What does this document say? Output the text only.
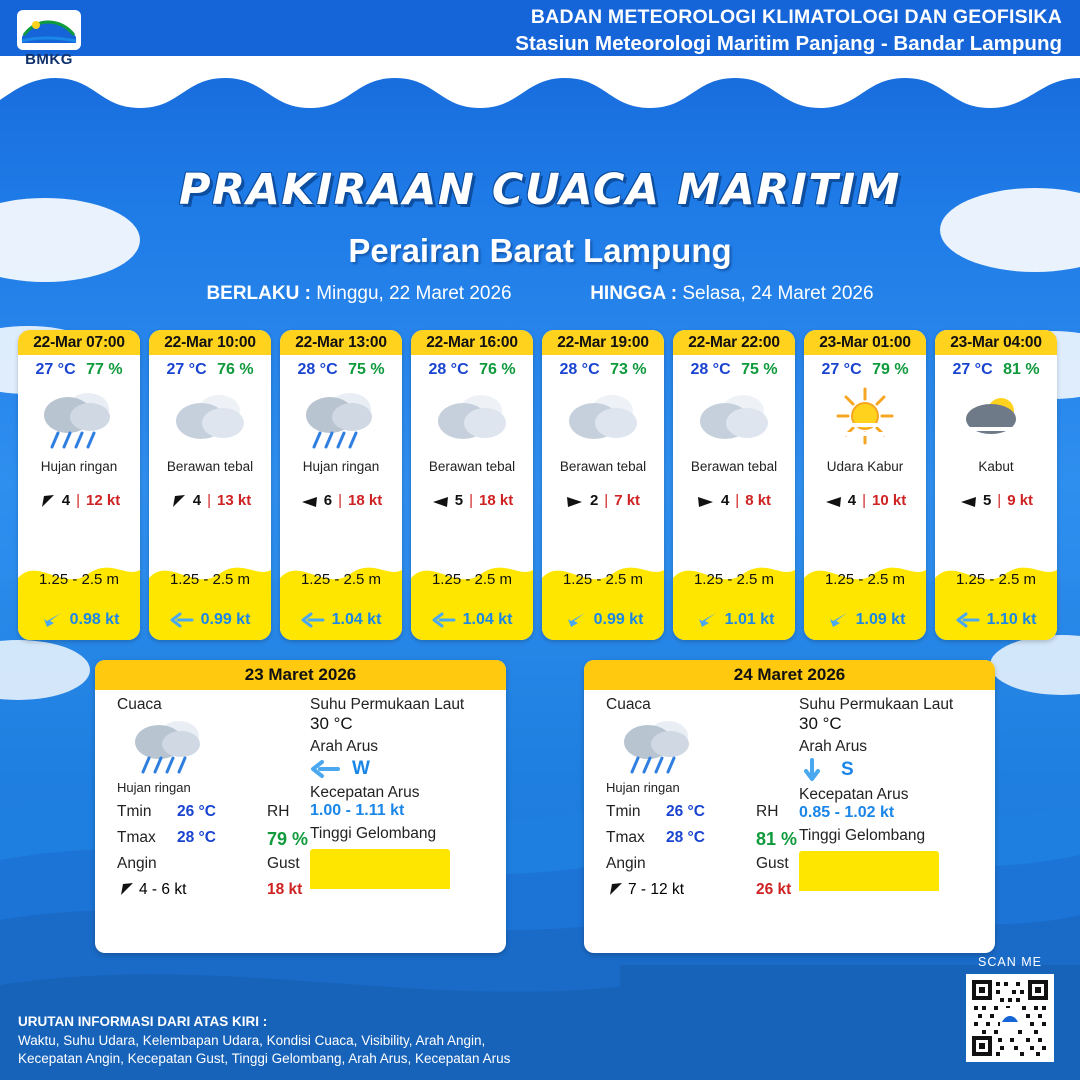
BMKG
BADAN METEOROLOGI KLIMATOLOGI DAN GEOFISIKA
Stasiun Meteorologi Maritim Panjang - Bandar Lampung
PRAKIRAAN CUACA MARITIM
Perairan Barat Lampung
BERLAKU : Minggu, 22 Maret 2026	HINGGA : Selasa, 24 Maret 2026
22-Mar 07:00
27 °C 77 %
Hujan ringan
4 | 12 kt
1.25 - 2.5 m
0.98 kt
22-Mar 10:00
27 °C 76 %
Berawan tebal
4 | 13 kt
1.25 - 2.5 m
0.99 kt
22-Mar 13:00
28 °C 75 %
Hujan ringan
6 | 18 kt
1.25 - 2.5 m
1.04 kt
22-Mar 16:00
28 °C 76 %
Berawan tebal
5 | 18 kt
1.25 - 2.5 m
1.04 kt
22-Mar 19:00
28 °C 73 %
Berawan tebal
2 | 7 kt
1.25 - 2.5 m
0.99 kt
22-Mar 22:00
28 °C 75 %
Berawan tebal
4 | 8 kt
1.25 - 2.5 m
1.01 kt
23-Mar 01:00
27 °C 79 %
Udara Kabur
4 | 10 kt
1.25 - 2.5 m
1.09 kt
23-Mar 04:00
27 °C 81 %
Kabut
5 | 9 kt
1.25 - 2.5 m
1.10 kt
23 Maret 2026
Cuaca
Hujan ringan
Tmin	26 °C	RH
Tmax	28 °C	79 %
Angin	Gust
4 - 6 kt	18 kt
Suhu Permukaan Laut
30 °C
Arah Arus
W
Kecepatan Arus
1.00 - 1.11 kt
Tinggi Gelombang
24 Maret 2026
Cuaca
Hujan ringan
Tmin	26 °C	RH
Tmax	28 °C	81 %
Angin	Gust
7 - 12 kt	26 kt
Suhu Permukaan Laut
30 °C
Arah Arus
S
Kecepatan Arus
0.85 - 1.02 kt
Tinggi Gelombang
URUTAN INFORMASI DARI ATAS KIRI :
Waktu, Suhu Udara, Kelembapan Udara, Kondisi Cuaca, Visibility, Arah Angin,
Kecepatan Angin, Kecepatan Gust, Tinggi Gelombang, Arah Arus, Kecepatan Arus
SCAN ME
